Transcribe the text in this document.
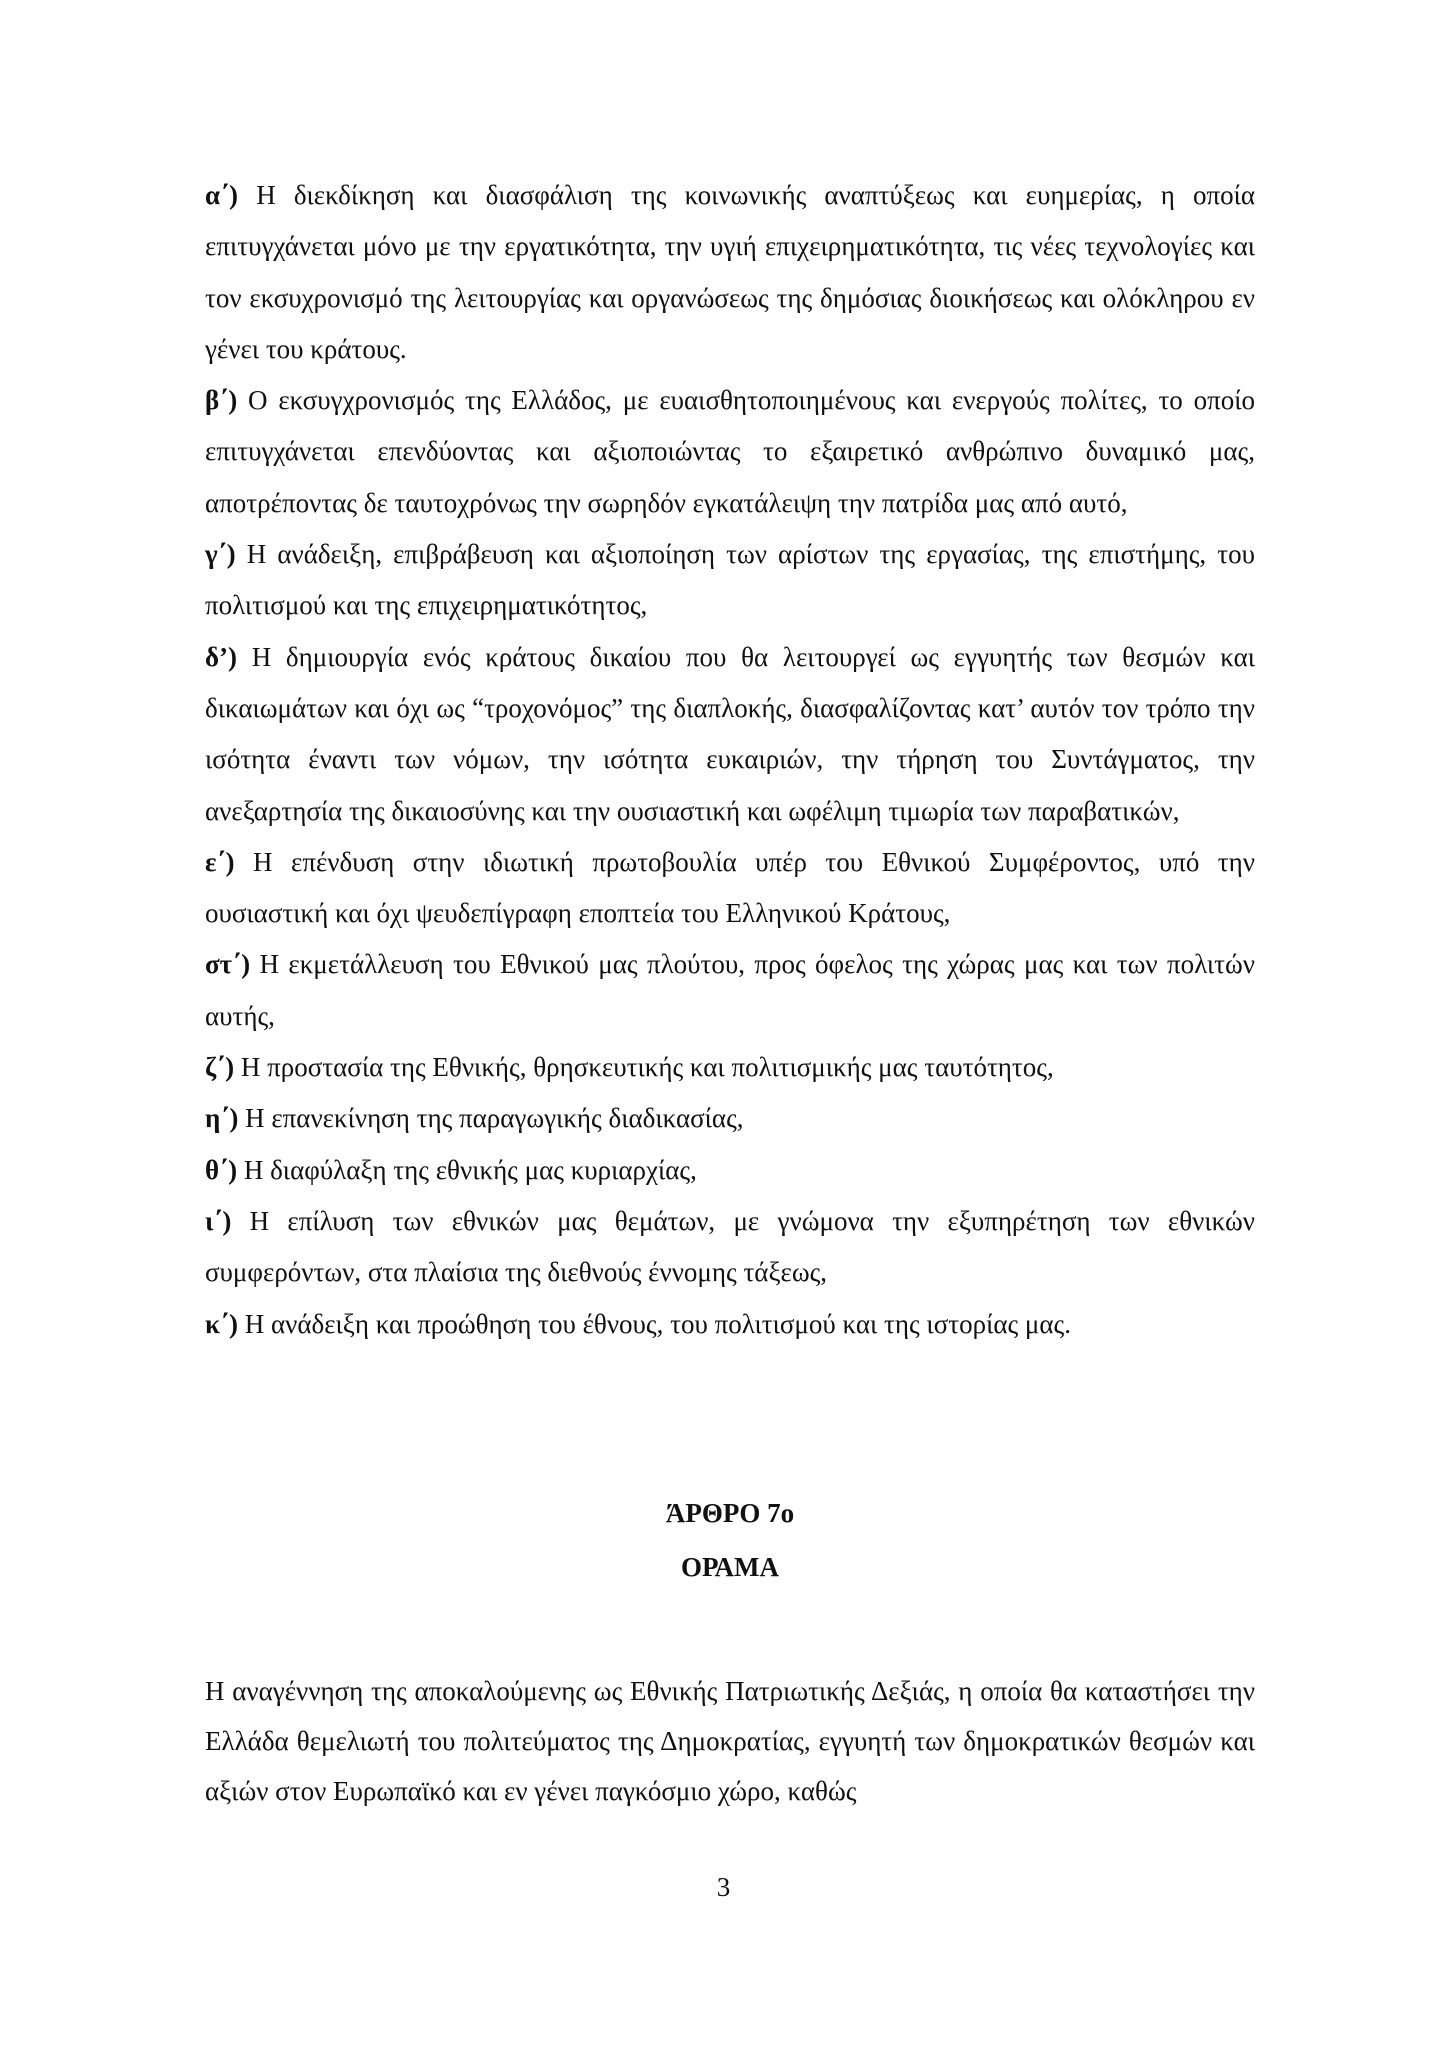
α΄) Η διεκδίκηση και διασφάλιση της κοινωνικής αναπτύξεως και ευημερίας, η οποία επιτυγχάνεται μόνο με την εργατικότητα, την υγιή επιχειρηματικότητα, τις νέες τεχνολογίες και τον εκσυχρονισμό της λειτουργίας και οργανώσεως της δημόσιας διοικήσεως και ολόκληρου εν γένει του κράτους.

β΄) Ο εκσυγχρονισμός της Ελλάδος, με ευαισθητοποιημένους και ενεργούς πολίτες, το οποίο επιτυγχάνεται επενδύοντας και αξιοποιώντας το εξαιρετικό ανθρώπινο δυναμικό μας, αποτρέποντας δε ταυτοχρόνως την σωρηδόν εγκατάλειψη την πατρίδα μας από αυτό,

γ΄) Η ανάδειξη, επιβράβευση και αξιοποίηση των αρίστων της εργασίας, της επιστήμης, του πολιτισμού και της επιχειρηματικότητος,

δ’) Η δημιουργία ενός κράτους δικαίου που θα λειτουργεί ως εγγυητής των θεσμών και δικαιωμάτων και όχι ως “τροχονόμος” της διαπλοκής, διασφαλίζοντας κατ’ αυτόν τον τρόπο την ισότητα έναντι των νόμων, την ισότητα ευκαιριών, την τήρηση του Συντάγματος, την ανεξαρτησία της δικαιοσύνης και την ουσιαστική και ωφέλιμη τιμωρία των παραβατικών,

ε΄) Η επένδυση στην ιδιωτική πρωτοβουλία υπέρ του Εθνικού Συμφέροντος, υπό την ουσιαστική και όχι ψευδεπίγραφη εποπτεία του Ελληνικού Κράτους,

στ΄) Η εκμετάλλευση του Εθνικού μας πλούτου, προς όφελος της χώρας μας και των πολιτών αυτής,

ζ΄) Η προστασία της Εθνικής, θρησκευτικής και πολιτισμικής μας ταυτότητος,

η΄) Η επανεκίνηση της παραγωγικής διαδικασίας,

θ΄) Η διαφύλαξη της εθνικής μας κυριαρχίας,

ι΄) Η επίλυση των εθνικών μας θεμάτων, με γνώμονα την εξυπηρέτηση των εθνικών συμφερόντων, στα πλαίσια της διεθνούς έννομης τάξεως,

κ΄) Η ανάδειξη και προώθηση του έθνους, του πολιτισμού και της ιστορίας μας.

ΆΡΘΡΟ 7ο

ΟΡΑΜΑ

Η αναγέννηση της αποκαλούμενης ως Εθνικής Πατριωτικής Δεξιάς, η οποία θα καταστήσει την Ελλάδα θεμελιωτή του πολιτεύματος της Δημοκρατίας, εγγυητή των δημοκρατικών θεσμών και αξιών στον Ευρωπαϊκό και εν γένει παγκόσμιο χώρο, καθώς

3
